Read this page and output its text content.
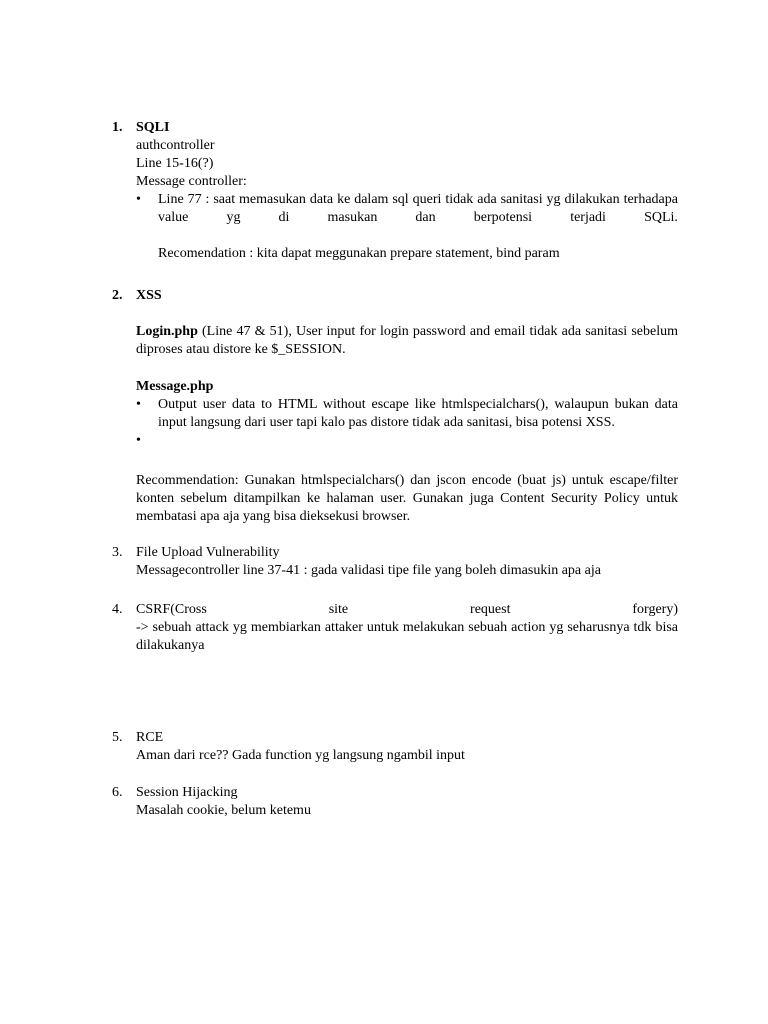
1. SQLI
authcontroller
Line 15-16(?)
Message controller:
• Line 77 : saat memasukan data ke dalam sql queri tidak ada sanitasi yg dilakukan terhadapa
value	yg	di	masukan	dan	berpotensi	terjadi	SQLi.
Recomendation : kita dapat meggunakan prepare statement, bind param
2. XSS
Login.php (Line 47 & 51), User input for login password and email tidak ada sanitasi sebelum diproses atau distore ke $_SESSION.
Message.php
• Output user data to HTML without escape like htmlspecialchars(), walaupun bukan data input langsung dari user tapi kalo pas distore tidak ada sanitasi, bisa potensi XSS.
•
Recommendation: Gunakan htmlspecialchars() dan jscon encode (buat js) untuk escape/filter konten sebelum ditampilkan ke halaman user. Gunakan juga Content Security Policy untuk membatasi apa aja yang bisa dieksekusi browser.
3. File Upload Vulnerability
Messagecontroller line 37-41 : gada validasi tipe file yang boleh dimasukin apa aja
4. CSRF(Cross	site	request	forgery)
-> sebuah attack yg membiarkan attaker untuk melakukan sebuah action yg seharusnya tdk bisa dilakukanya
5. RCE
Aman dari rce?? Gada function yg langsung ngambil input
6. Session Hijacking
Masalah cookie, belum ketemu
